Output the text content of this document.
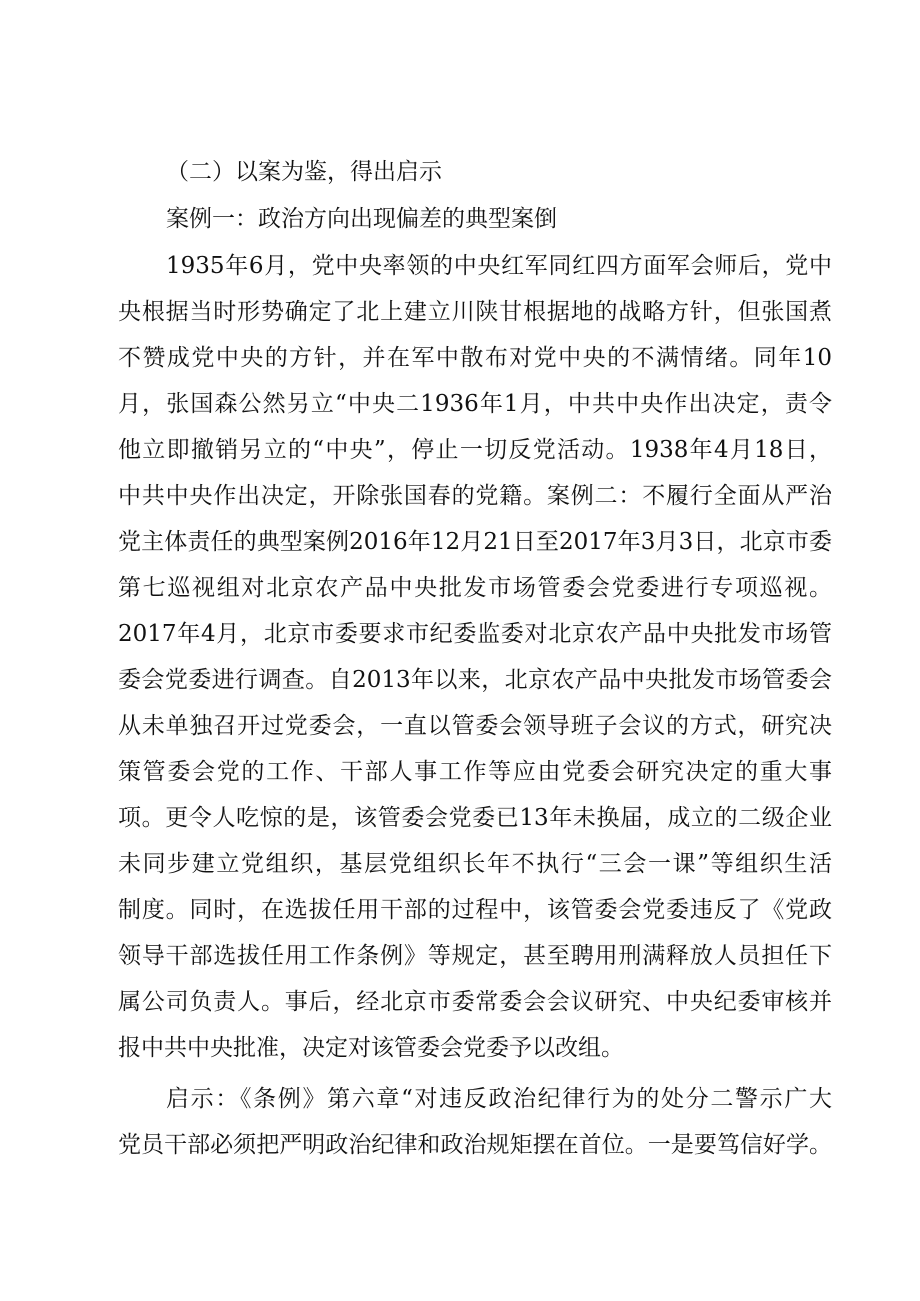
（二）以案为鉴，得出启示
案例一：政治方向出现偏差的典型案倒
1935年6月，党中央率领的中央红军同红四方面军会师后，党中
央根据当时形势确定了北上建立川陕甘根据地的战略方针，但张国煮
不赞成党中央的方针，并在军中散布对党中央的不满情绪。同年10
月，张国森公然另立“中央二1936年1月，中共中央作出决定，责令
他立即撤销另立的“中央”，停止一切反党活动。1938年4月18日，
中共中央作出决定，开除张国春的党籍。案例二：不履行全面从严治
党主体责任的典型案例2016年12月21日至2017年3月3日，北京市委
第七巡视组对北京农产品中央批发市场管委会党委进行专项巡视。
2017年4月，北京市委要求市纪委监委对北京农产品中央批发市场管
委会党委进行调查。自2013年以来，北京农产品中央批发市场管委会
从未单独召开过党委会，一直以管委会领导班子会议的方式，研究决
策管委会党的工作、干部人事工作等应由党委会研究决定的重大事
项。更令人吃惊的是，该管委会党委已13年未换届，成立的二级企业
未同步建立党组织，基层党组织长年不执行“三会一课”等组织生活
制度。同时，在选拔任用干部的过程中，该管委会党委违反了《党政
领导干部选拔任用工作条例》等规定，甚至聘用刑满释放人员担任下
属公司负责人。事后，经北京市委常委会会议研究、中央纪委审核并
报中共中央批准，决定对该管委会党委予以改组。
启示：《条例》第六章“对违反政治纪律行为的处分二警示广大
党员干部必须把严明政治纪律和政治规矩摆在首位。一是要笃信好学。
